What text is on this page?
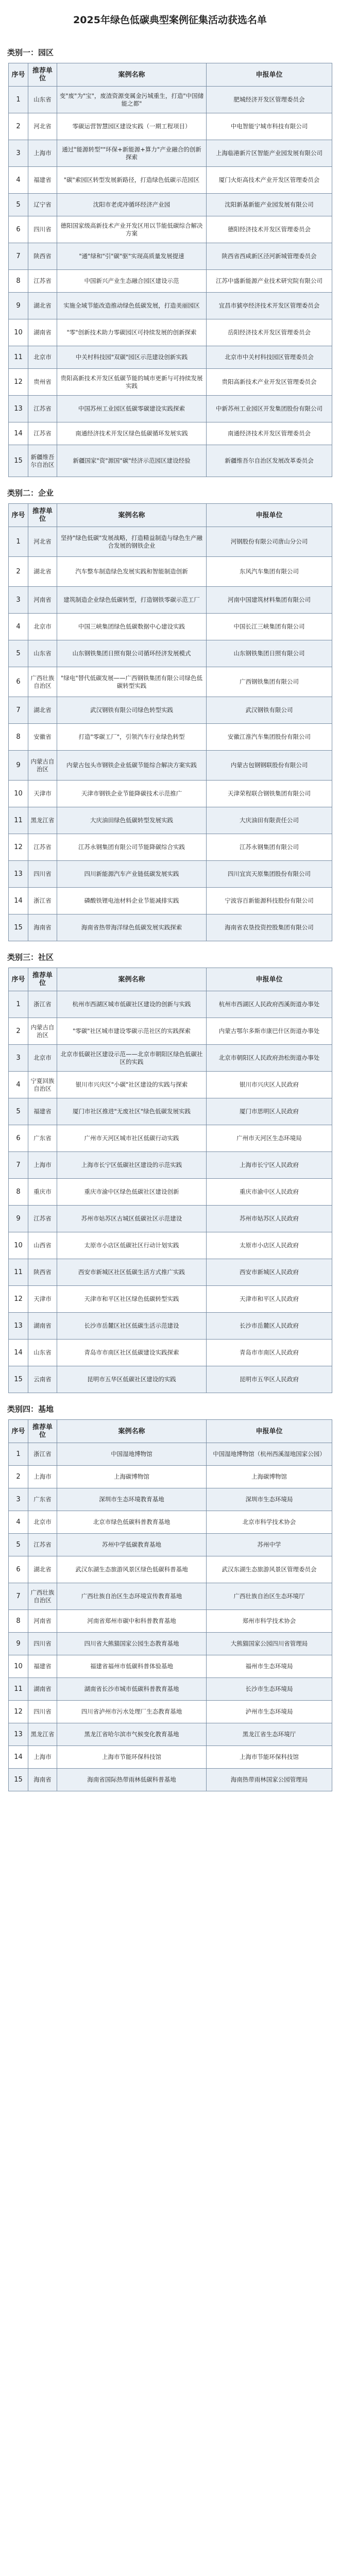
2025年绿色低碳典型案例征集活动获选名单
类别一：园区
序号	推荐单位	案例名称	申报单位
1	山东省	变"废"为"宝"，废渣资源变属金污城重生，打造"中国储能之都"	肥城经济开发区管理委员会
2	河北省	零碳运营智慧园区建设实践（一期工程项目）	中电智能宁城市科技有限公司
3	上海市	通过"能源转型""环保+新能源+算力"产业融合的创新探索	上海临港新片区智能产业园发展有限公司
4	福建省	"碳"索园区转型发展新路径，打造绿色低碳示范园区	厦门火炬高技术产业开发区管理委员会
5	辽宁省	沈阳市老虎冲循环经济产业园	沈阳新基新能产业园发展有限公司
6	四川省	德阳国家级高新技术产业开发区用以节能低碳综合解决方案	德阳经济技术开发区管理委员会
7	陕西省	"通"绿和"引"碳"驱"实现高质量发展提速	陕西省西咸新区泾河新城管理委员会
8	江苏省	中国新兴产业生态融合园区建设示范	江苏中盛新能源产业技术研究院有限公司
9	湖北省	实施全域节能改造推动绿色低碳发展，打造美丽园区	宜昌市猇亭经济技术开发区管理委员会
10	湖南省	"零"创新技术助力零碳园区可持续发展的创新探索	岳阳经济技术开发区管理委员会
11	北京市	中关村科技园"双碳"园区示范建设创新实践	北京市中关村科技园区管理委员会
12	贵州省	贵阳高新技术开发区低碳节能的城市更新与可持续发展实践	贵阳高新技术产业开发区管理委员会
13	江苏省	中国苏州工业园区低碳零碳建设实践探索	中新苏州工业园区开发集团股份有限公司
14	江苏省	南通经济技术开发区绿色低碳循环发展实践	南通经济技术开发区管理委员会
15	新疆维吾尔自治区	新疆国家"资"源国"碳"经济示范园区建设经验	新疆维吾尔自治区发展改革委员会
类别二：企业
序号	推荐单位	案例名称	申报单位
1	河北省	坚持"绿色低碳"发展战略，打造精益制造与绿色生产融合发展的钢铁企业	河钢股份有限公司唐山分公司
2	湖北省	汽车整车制造绿色发展实践和智能制造创新	东风汽车集团有限公司
3	河南省	建筑制造企业绿色低碳转型，打造钢铁零碳示范工厂	河南中国建筑材料集团有限公司
4	北京市	中国三峡集团绿色低碳数据中心建设实践	中国长江三峡集团有限公司
5	山东省	山东钢铁集团日照有限公司循环经济发展模式	山东钢铁集团日照有限公司
6	广西壮族自治区	"绿电"替代低碳发展——广西钢铁集团有限公司绿色低碳转型实践	广西钢铁集团有限公司
7	湖北省	武汉钢铁有限公司绿色转型实践	武汉钢铁有限公司
8	安徽省	打造"零碳工厂"，引领汽车行业绿色转型	安徽江淮汽车集团股份有限公司
9	内蒙古自治区	内蒙古包头市钢铁企业低碳节能综合解决方案实践	内蒙古包钢钢联股份有限公司
10	天津市	天津市钢铁企业节能降碳技术示范推广	天津荣程联合钢铁集团有限公司
11	黑龙江省	大庆油田绿色低碳转型发展实践	大庆油田有限责任公司
12	江苏省	江苏永钢集团有限公司节能降碳综合实践	江苏永钢集团有限公司
13	四川省	四川新能源汽车产业链低碳发展实践	四川宜宾天原集团股份有限公司
14	浙江省	磷酸铁锂电池材料企业节能减排实践	宁波容百新能源科技股份有限公司
15	海南省	海南省热带海洋绿色低碳发展实践探索	海南省农垦投资控股集团有限公司
类别三：社区
序号	推荐单位	案例名称	申报单位
1	浙江省	杭州市西湖区城市低碳社区建设的创新与实践	杭州市西湖区人民政府西溪街道办事处
2	内蒙古自治区	"零碳"社区城市建设零碳示范社区的实践探索	内蒙古鄂尔多斯市康巴什区街道办事处
3	北京市	北京市低碳社区建设示范——北京市朝阳区绿色低碳社区的实践	北京市朝阳区人民政府劲松街道办事处
4	宁夏回族自治区	银川市兴庆区"小碳"社区建设的实践与探索	银川市兴庆区人民政府
5	福建省	厦门市社区推进"无废社区"绿色低碳发展实践	厦门市思明区人民政府
6	广东省	广州市天河区城市社区低碳行动实践	广州市天河区生态环境局
7	上海市	上海市长宁区低碳社区建设的示范实践	上海市长宁区人民政府
8	重庆市	重庆市渝中区绿色低碳社区建设创新	重庆市渝中区人民政府
9	江苏省	苏州市姑苏区古城区低碳社区示范建设	苏州市姑苏区人民政府
10	山西省	太原市小店区低碳社区行动计划实践	太原市小店区人民政府
11	陕西省	西安市新城区社区低碳生活方式推广实践	西安市新城区人民政府
12	天津市	天津市和平区社区绿色低碳转型实践	天津市和平区人民政府
13	湖南省	长沙市岳麓区社区低碳生活示范建设	长沙市岳麓区人民政府
14	山东省	青岛市市南区社区低碳建设实践探索	青岛市市南区人民政府
15	云南省	昆明市五华区低碳社区建设的实践	昆明市五华区人民政府
类别四：基地
序号	推荐单位	案例名称	申报单位
1	浙江省	中国湿地博物馆	中国湿地博物馆（杭州西溪湿地国家公园）
2	上海市	上海碳博物馆	上海碳博物馆
3	广东省	深圳市生态环境教育基地	深圳市生态环境局
4	北京市	北京市绿色低碳科普教育基地	北京市科学技术协会
5	江苏省	苏州中学低碳教育基地	苏州中学
6	湖北省	武汉东湖生态旅游风景区绿色低碳科普基地	武汉东湖生态旅游风景区管理委员会
7	广西壮族自治区	广西壮族自治区生态环境宣传教育基地	广西壮族自治区生态环境厅
8	河南省	河南省郑州市碳中和科普教育基地	郑州市科学技术协会
9	四川省	四川省大熊猫国家公园生态教育基地	大熊猫国家公园四川省管理局
10	福建省	福建省福州市低碳科普体验基地	福州市生态环境局
11	湖南省	湖南省长沙市城市低碳科普教育基地	长沙市生态环境局
12	四川省	四川省泸州市污水处理厂生态教育基地	泸州市生态环境局
13	黑龙江省	黑龙江省哈尔滨市气候变化教育基地	黑龙江省生态环境厅
14	上海市	上海市节能环保科技馆	上海市节能环保科技馆
15	海南省	海南省国际热带雨林低碳科普基地	海南热带雨林国家公园管理局
